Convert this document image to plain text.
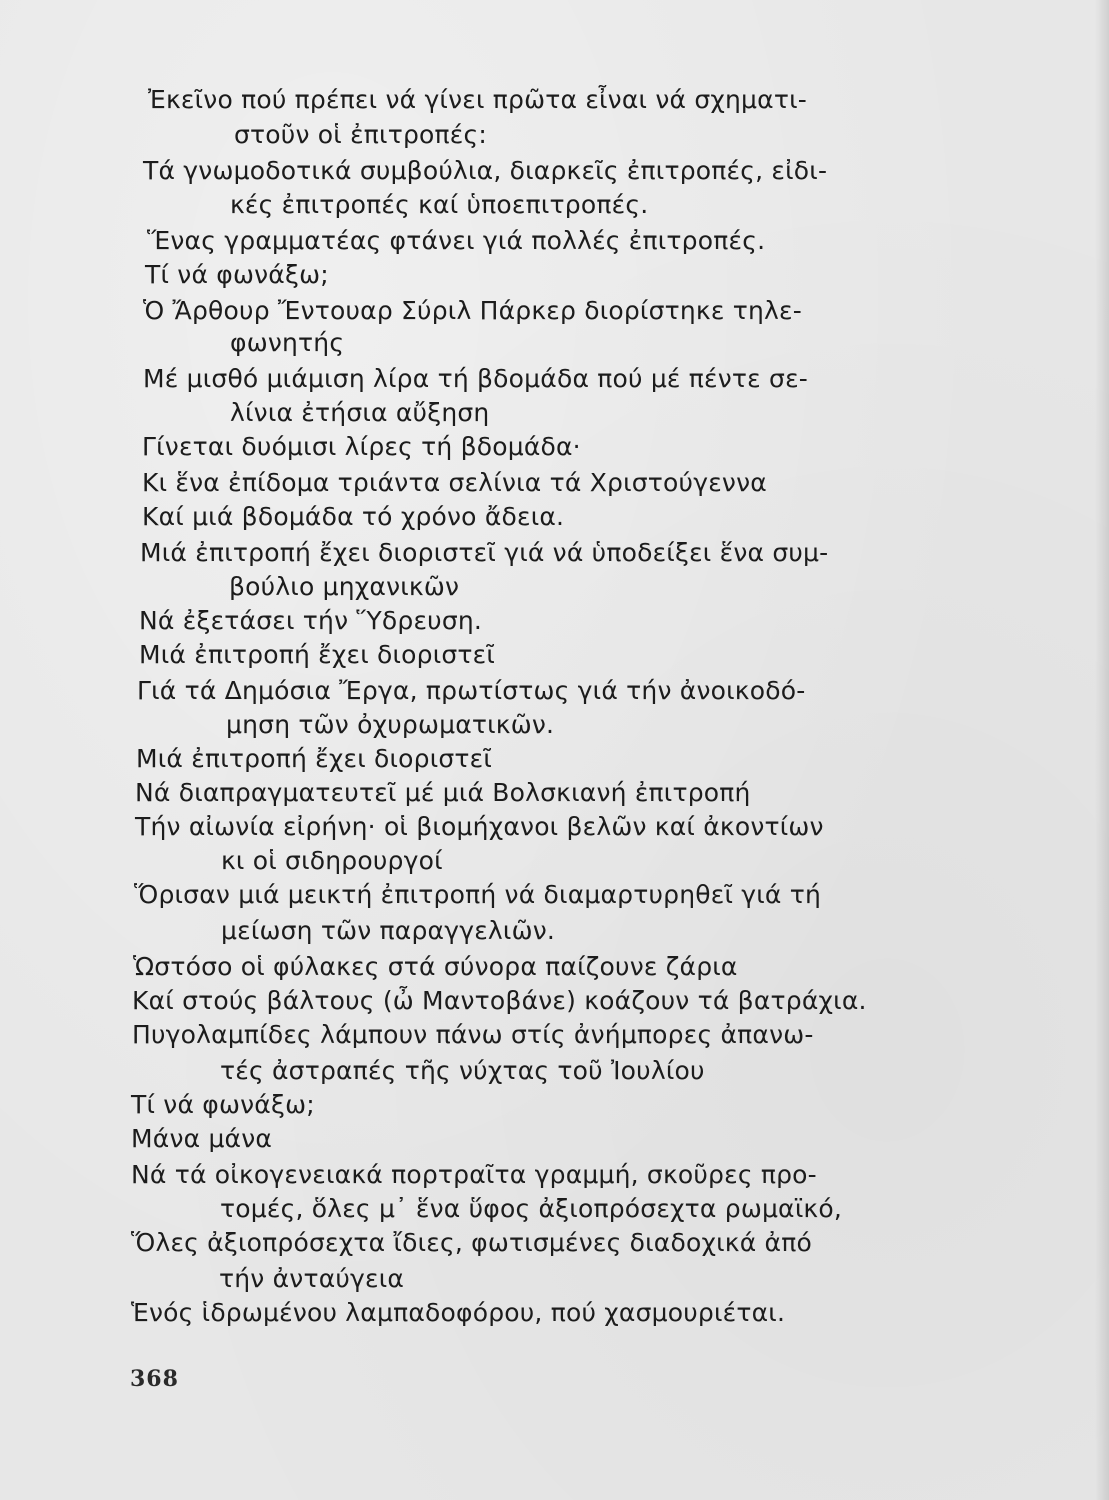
Ἐκεῖνο πού πρέπει νά γίνει πρῶτα εἶναι νά σχηματι-
στοῦν οἱ ἐπιτροπές:
Τά γνωμοδοτικά συμβούλια, διαρκεῖς ἐπιτροπές, εἰδι-
κές ἐπιτροπές καί ὑποεπιτροπές.
Ἕνας γραμματέας φτάνει γιά πολλές ἐπιτροπές.
Τί νά φωνάξω;
Ὁ Ἄρθουρ Ἔντουαρ Σύριλ Πάρκερ διορίστηκε τηλε-
φωνητής
Μέ μισθό μιάμιση λίρα τή βδομάδα πού μέ πέντε σε-
λίνια ἐτήσια αὔξηση
Γίνεται δυόμισι λίρες τή βδομάδα·
Κι ἕνα ἐπίδομα τριάντα σελίνια τά Χριστούγεννα
Καί μιά βδομάδα τό χρόνο ἄδεια.
Μιά ἐπιτροπή ἔχει διοριστεῖ γιά νά ὑποδείξει ἕνα συμ-
βούλιο μηχανικῶν
Νά ἐξετάσει τήν Ὕδρευση.
Μιά ἐπιτροπή ἔχει διοριστεῖ
Γιά τά Δημόσια Ἔργα, πρωτίστως γιά τήν ἀνοικοδό-
μηση τῶν ὀχυρωματικῶν.
Μιά ἐπιτροπή ἔχει διοριστεῖ
Νά διαπραγματευτεῖ μέ μιά Βολσκιανή ἐπιτροπή
Τήν αἰωνία εἰρήνη· οἱ βιομήχανοι βελῶν καί ἀκοντίων
κι οἱ σιδηρουργοί
Ὅρισαν μιά μεικτή ἐπιτροπή νά διαμαρτυρηθεῖ γιά τή
μείωση τῶν παραγγελιῶν.
Ὡστόσο οἱ φύλακες στά σύνορα παίζουνε ζάρια
Καί στούς βάλτους (ὦ Μαντοβάνε) κοάζουν τά βατράχια.
Πυγολαμπίδες λάμπουν πάνω στίς ἀνήμπορες ἀπανω-
τές ἀστραπές τῆς νύχτας τοῦ Ἰουλίου
Τί νά φωνάξω;
Μάνα μάνα
Νά τά οἰκογενειακά πορτραῖτα γραμμή, σκοῦρες προ-
τομές, ὅλες μ᾽ ἕνα ὕφος ἀξιοπρόσεχτα ρωμαϊκό,
Ὅλες ἀξιοπρόσεχτα ἴδιες, φωτισμένες διαδοχικά ἀπό
τήν ἀνταύγεια
Ἑνός ἱδρωμένου λαμπαδοφόρου, πού χασμουριέται.
368
